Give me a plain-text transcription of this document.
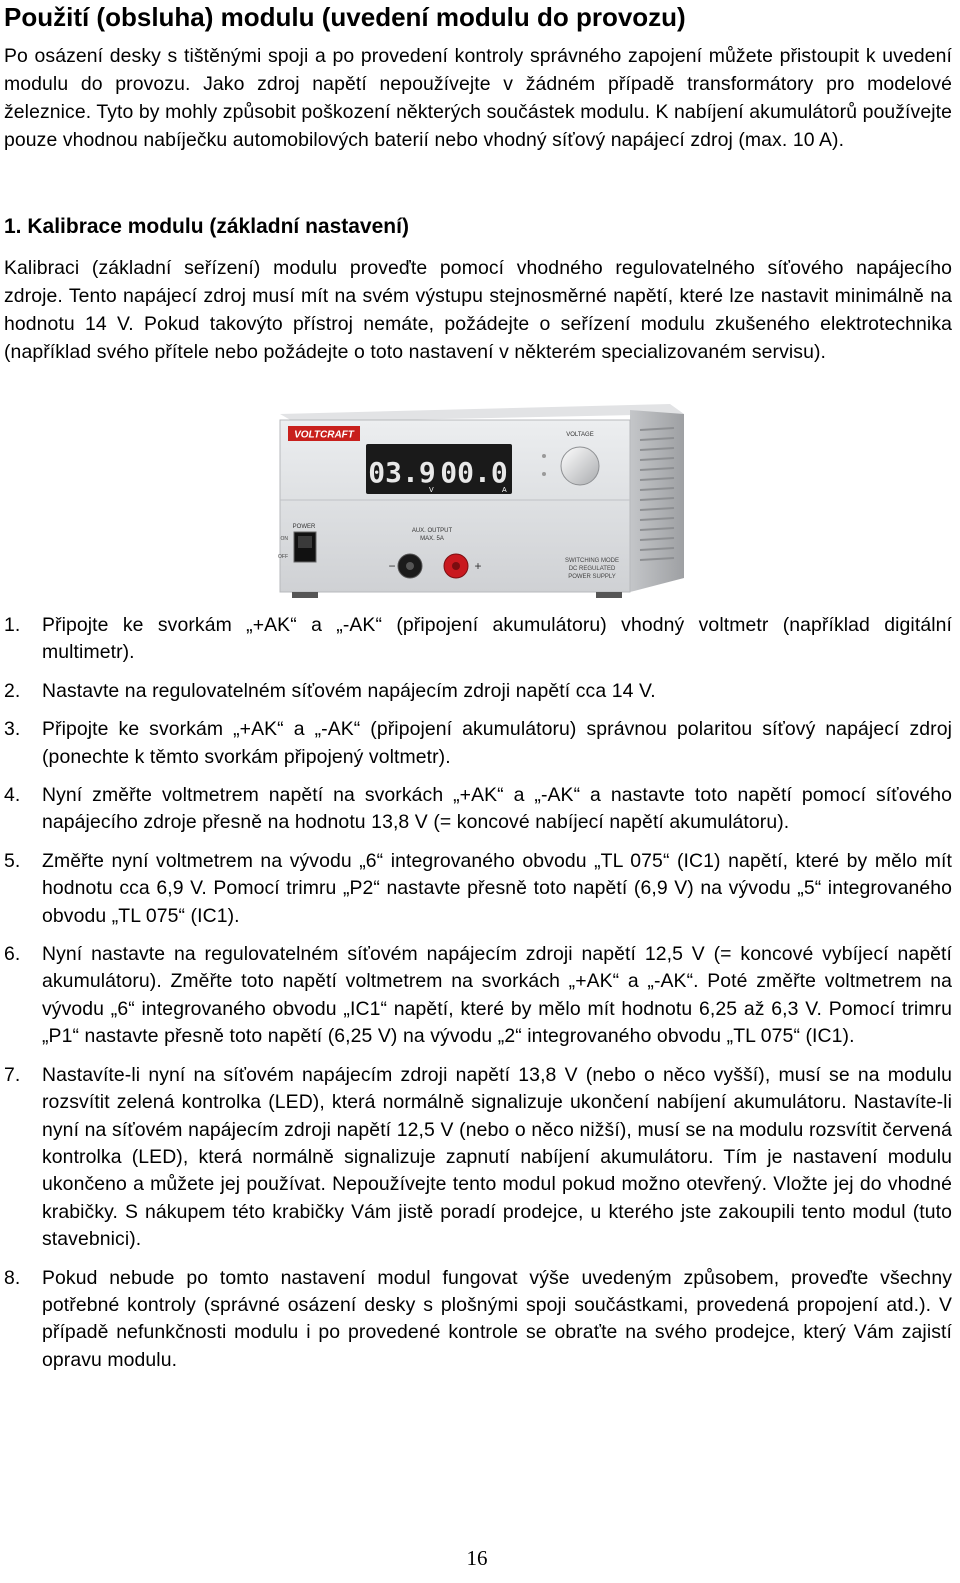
Použití (obsluha) modulu (uvedení modulu do provozu)

Po osázení desky s tištěnými spoji a po provedení kontroly správného zapojení můžete přistoupit k uvedení modulu do provozu. Jako zdroj napětí nepoužívejte v žádném případě transformátory pro modelové železnice. Tyto by mohly způsobit poškození některých součástek modulu. K nabíjení akumulátorů používejte pouze vhodnou nabíječku automobilových baterií nebo vhodný síťový napájecí zdroj (max. 10 A).

1. Kalibrace modulu (základní nastavení)

Kalibraci (základní seřízení) modulu proveďte pomocí vhodného regulovatelného síťového napájecího zdroje. Tento napájecí zdroj musí mít na svém výstupu stejnosměrné napětí, které lze nastavit minimálně na hodnotu 14 V. Pokud takovýto přístroj nemáte, požádejte o seřízení modulu zkušeného elektrotechnika (například svého přítele nebo požádejte o toto nastavení v některém specializovaném servisu).

VOLTCRAFT
03.9 00.0
V	A
VOLTAGE
POWER
ON
OFF
AUX. OUTPUT
MAX. 5A
−	+	SWITCHING MODE
DC REGULATED
POWER SUPPLY
1. Připojte ke svorkám „+AK“ a „-AK“ (připojení akumulátoru) vhodný voltmetr (například digitální multimetr).
2. Nastavte na regulovatelném síťovém napájecím zdroji napětí cca 14 V.
3. Připojte ke svorkám „+AK“ a „-AK“ (připojení akumulátoru) správnou polaritou síťový napájecí zdroj (ponechte k těmto svorkám připojený voltmetr).
4. Nyní změřte voltmetrem napětí na svorkách „+AK“ a „-AK“ a nastavte toto napětí pomocí síťového napájecího zdroje přesně na hodnotu 13,8 V (= koncové nabíjecí napětí akumulátoru).
5. Změřte nyní voltmetrem na vývodu „6“ integrovaného obvodu „TL 075“ (IC1) napětí, které by mělo mít hodnotu cca 6,9 V. Pomocí trimru „P2“ nastavte přesně toto napětí (6,9 V) na vývodu „5“ integrovaného obvodu „TL 075“ (IC1).
6. Nyní nastavte na regulovatelném síťovém napájecím zdroji napětí 12,5 V (= koncové vybíjecí napětí akumulátoru). Změřte toto napětí voltmetrem na svorkách „+AK“ a „-AK“. Poté změřte voltmetrem na vývodu „6“ integrovaného obvodu „IC1“ napětí, které by mělo mít hodnotu 6,25 až 6,3 V. Pomocí trimru „P1“ nastavte přesně toto napětí (6,25 V) na vývodu „2“ integrovaného obvodu „TL 075“ (IC1).
7. Nastavíte-li nyní na síťovém napájecím zdroji napětí 13,8 V (nebo o něco vyšší), musí se na modulu rozsvítit zelená kontrolka (LED), která normálně signalizuje ukončení nabíjení akumulátoru. Nastavíte-li nyní na síťovém napájecím zdroji napětí 12,5 V (nebo o něco nižší), musí se na modulu rozsvítit červená kontrolka (LED), která normálně signalizuje zapnutí nabíjení akumulátoru. Tím je nastavení modulu ukončeno a můžete jej používat. Nepoužívejte tento modul pokud možno otevřený. Vložte jej do vhodné krabičky. S nákupem této krabičky Vám jistě poradí prodejce, u kterého jste zakoupili tento modul (tuto stavebnici).
8. Pokud nebude po tomto nastavení modul fungovat výše uvedeným způsobem, proveďte všechny potřebné kontroly (správné osázení desky s plošnými spoji součástkami, provedená propojení atd.). V případě nefunkčnosti modulu i po provedené kontrole se obraťte na svého prodejce, který Vám zajistí opravu modulu.
16
